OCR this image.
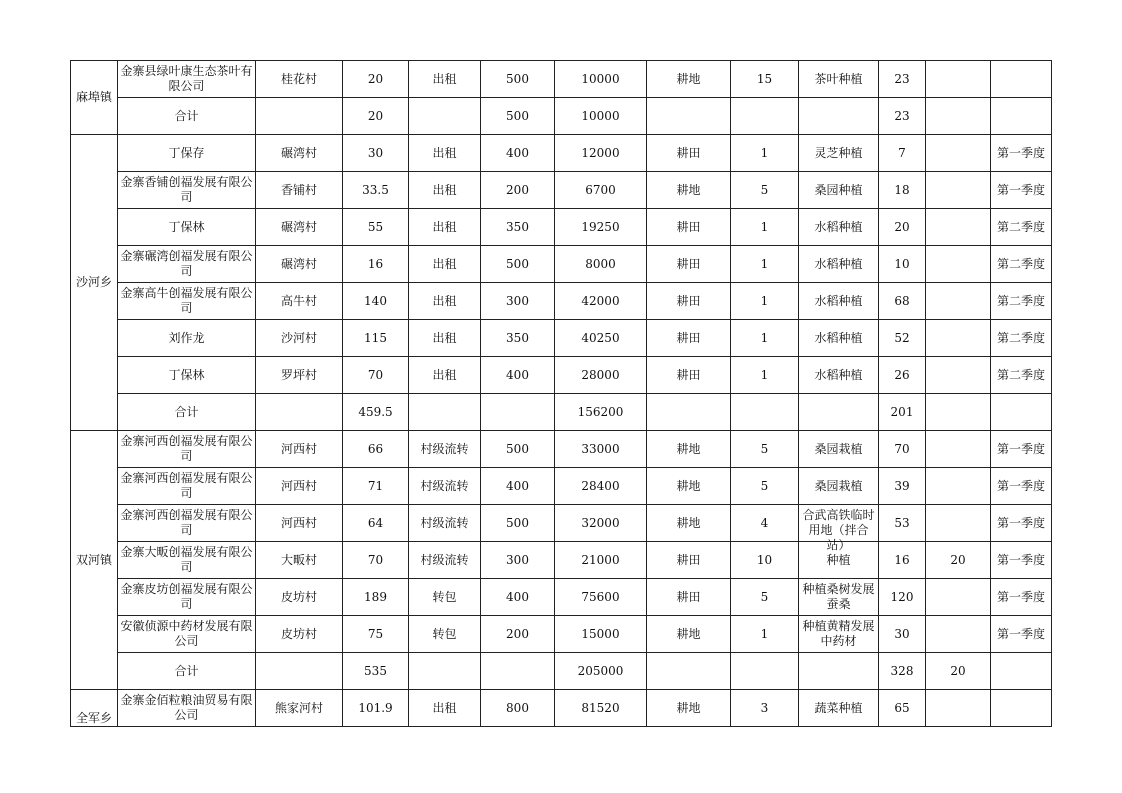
麻埠镇	金寨县绿叶康生态茶叶有限公司	桂花村	20	出租	500	10000	耕地	15	茶叶种植	23		
	合计		20		500	10000				23		
沙河乡	丁保存	碾湾村	30	出租	400	12000	耕田	1	灵芝种植	7		第一季度
	金寨香铺创福发展有限公司	香铺村	33.5	出租	200	6700	耕地	5	桑园种植	18		第一季度
	丁保林	碾湾村	55	出租	350	19250	耕田	1	水稻种植	20		第二季度
	金寨碾湾创福发展有限公司	碾湾村	16	出租	500	8000	耕田	1	水稻种植	10		第二季度
	金寨高牛创福发展有限公司	高牛村	140	出租	300	42000	耕田	1	水稻种植	68		第二季度
	刘作龙	沙河村	115	出租	350	40250	耕田	1	水稻种植	52		第二季度
	丁保林	罗坪村	70	出租	400	28000	耕田	1	水稻种植	26		第二季度
	合计		459.5			156200				201		
双河镇	金寨河西创福发展有限公司	河西村	66	村级流转	500	33000	耕地	5	桑园栽植	70		第一季度
	金寨河西创福发展有限公司	河西村	71	村级流转	400	28400	耕地	5	桑园栽植	39		第一季度
	金寨河西创福发展有限公司	河西村	64	村级流转	500	32000	耕地	4	合武高铁临时用地（拌合站）	53		第一季度
	金寨大畈创福发展有限公司	大畈村	70	村级流转	300	21000	耕田	10	种植	16	20	第一季度
	金寨皮坊创福发展有限公司	皮坊村	189	转包	400	75600	耕田	5	种植桑树发展蚕桑	120		第一季度
	安徽侦源中药材发展有限公司	皮坊村	75	转包	200	15000	耕地	1	种植黄精发展中药材	30		第一季度
	合计		535			205000				328	20	
全军乡	金寨金佰粒粮油贸易有限公司	熊家河村	101.9	出租	800	81520	耕地	3	蔬菜种植	65		
